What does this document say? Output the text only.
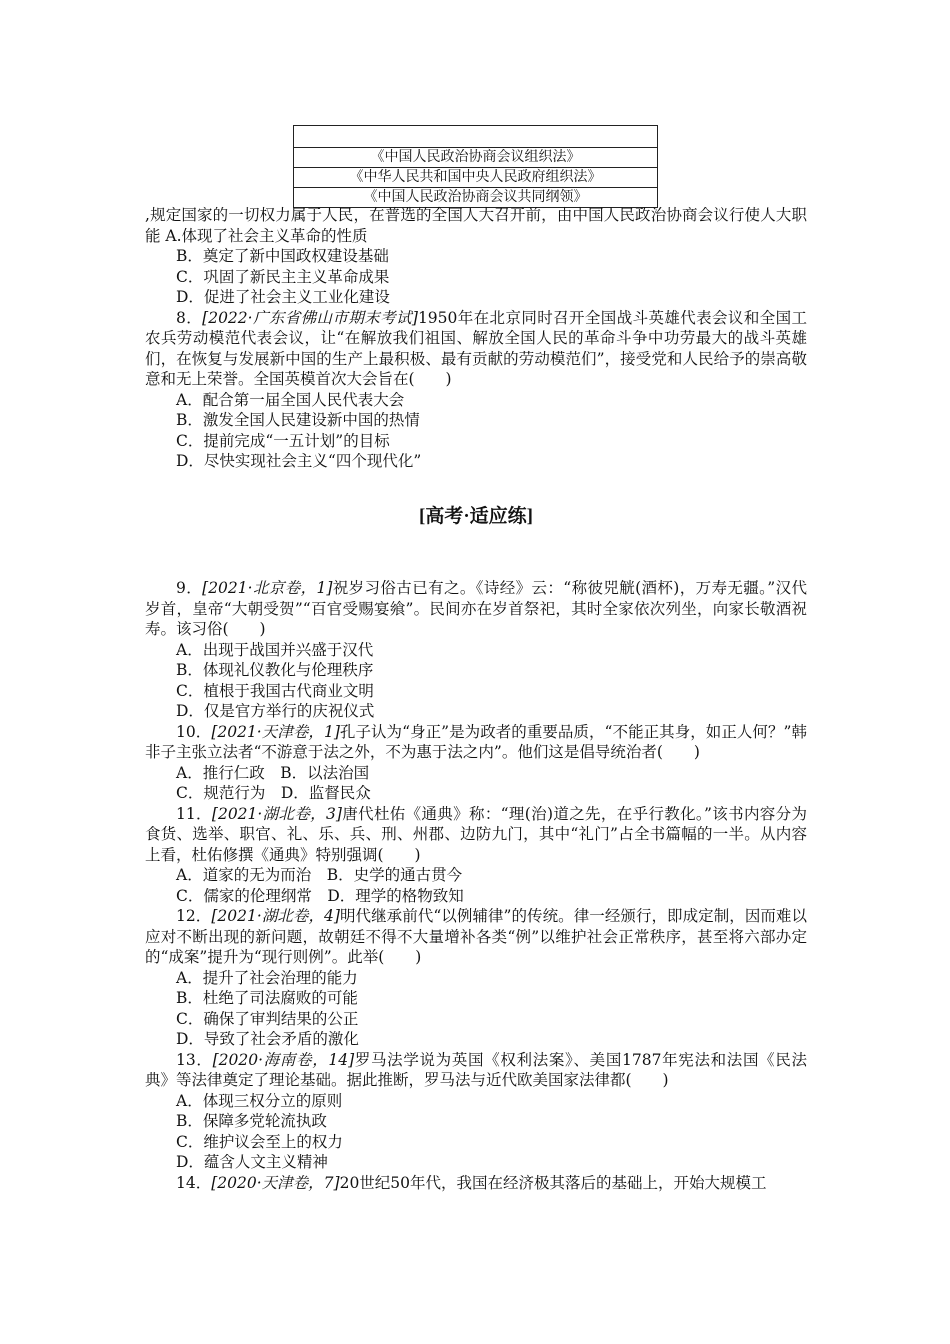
《中国人民政治协商会议组织法》
《中华人民共和国中央人民政府组织法》
《中国人民政治协商会议共同纲领》

,规定国家的一切权力属于人民，在普选的全国人大召开前，由中国人民政治协商会议行使人大职能 A.体现了社会主义革命的性质

B．奠定了新中国政权建设基础

C．巩固了新民主主义革命成果

D．促进了社会主义工业化建设

8．[2022·广东省佛山市期末考试]1950年在北京同时召开全国战斗英雄代表会议和全国工农兵劳动模范代表会议，让“在解放我们祖国、解放全国人民的革命斗争中功劳最大的战斗英雄们，在恢复与发展新中国的生产上最积极、最有贡献的劳动模范们”，接受党和人民给予的崇高敬意和无上荣誉。全国英模首次大会旨在(　　)

A．配合第一届全国人民代表大会

B．激发全国人民建设新中国的热情

C．提前完成“一五计划”的目标

D．尽快实现社会主义“四个现代化”

[高考·适应练]

9．[2021·北京卷，1]祝岁习俗古已有之。《诗经》云：“称彼兕觥(酒杯)，万寿无疆。”汉代岁首，皇帝“大朝受贺”“百官受赐宴飨”。民间亦在岁首祭祀，其时全家依次列坐，向家长敬酒祝寿。该习俗(　　)

A．出现于战国并兴盛于汉代

B．体现礼仪教化与伦理秩序

C．植根于我国古代商业文明

D．仅是官方举行的庆祝仪式

10．[2021·天津卷，1]孔子认为“身正”是为政者的重要品质，“不能正其身，如正人何？”韩非子主张立法者“不游意于法之外，不为惠于法之内”。他们这是倡导统治者(　　)

A．推行仁政　B．以法治国

C．规范行为　D．监督民众

11．[2021·湖北卷，3]唐代杜佑《通典》称：“理(治)道之先，在乎行教化。”该书内容分为食货、选举、职官、礼、乐、兵、刑、州郡、边防九门，其中“礼门”占全书篇幅的一半。从内容上看，杜佑修撰《通典》特别强调(　　)

A．道家的无为而治　B．史学的通古贯今

C．儒家的伦理纲常　D．理学的格物致知

12．[2021·湖北卷，4]明代继承前代“以例辅律”的传统。律一经颁行，即成定制，因而难以应对不断出现的新问题，故朝廷不得不大量增补各类“例”以维护社会正常秩序，甚至将六部办定的“成案”提升为“现行则例”。此举(　　)

A．提升了社会治理的能力

B．杜绝了司法腐败的可能

C．确保了审判结果的公正

D．导致了社会矛盾的激化

13．[2020·海南卷，14]罗马法学说为英国《权利法案》、美国1787年宪法和法国《民法典》等法律奠定了理论基础。据此推断，罗马法与近代欧美国家法律都(　　)

A．体现三权分立的原则

B．保障多党轮流执政

C．维护议会至上的权力

D．蕴含人文主义精神

14．[2020·天津卷，7]20世纪50年代，我国在经济极其落后的基础上，开始大规模工
